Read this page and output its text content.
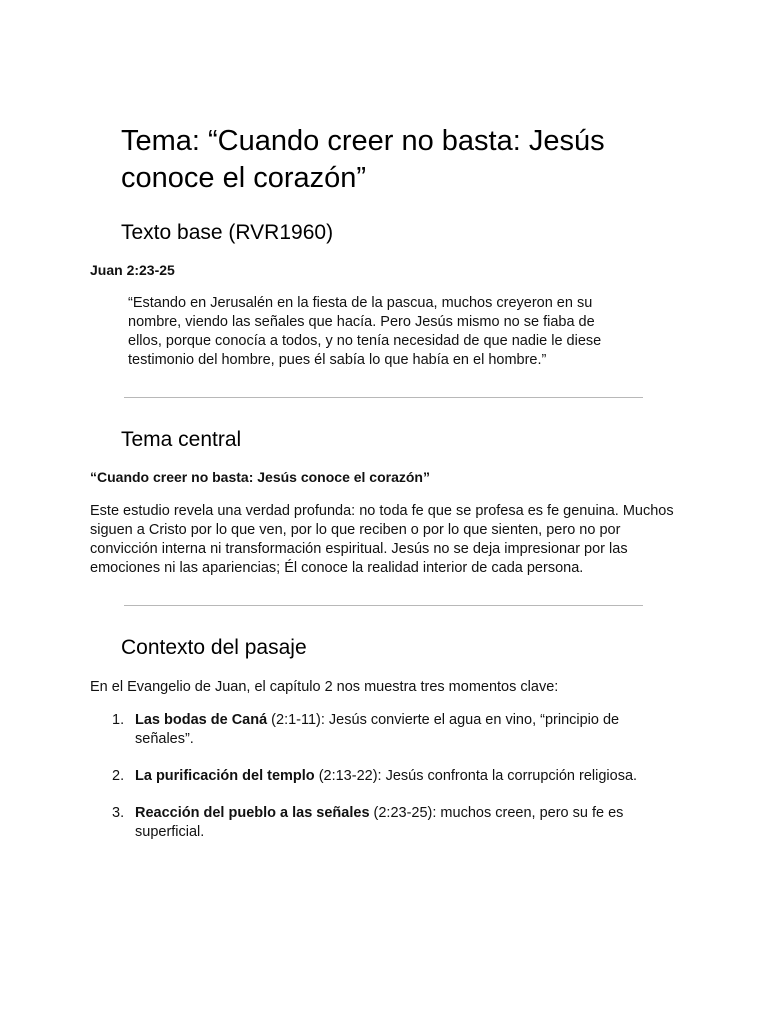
Tema: “Cuando creer no basta: Jesús conoce el corazón”
Texto base (RVR1960)

Juan 2:23-25

“Estando en Jerusalén en la fiesta de la pascua, muchos creyeron en su nombre, viendo las señales que hacía. Pero Jesús mismo no se fiaba de ellos, porque conocía a todos, y no tenía necesidad de que nadie le diese testimonio del hombre, pues él sabía lo que había en el hombre.”

Tema central

“Cuando creer no basta: Jesús conoce el corazón”

Este estudio revela una verdad profunda: no toda fe que se profesa es fe genuina. Muchos siguen a Cristo por lo que ven, por lo que reciben o por lo que sienten, pero no por convicción interna ni transformación espiritual. Jesús no se deja impresionar por las emociones ni las apariencias; Él conoce la realidad interior de cada persona.

Contexto del pasaje

En el Evangelio de Juan, el capítulo 2 nos muestra tres momentos clave:

1. Las bodas de Caná (2:1-11): Jesús convierte el agua en vino, “principio de señales”.
2. La purificación del templo (2:13-22): Jesús confronta la corrupción religiosa.
3. Reacción del pueblo a las señales (2:23-25): muchos creen, pero su fe es superficial.
